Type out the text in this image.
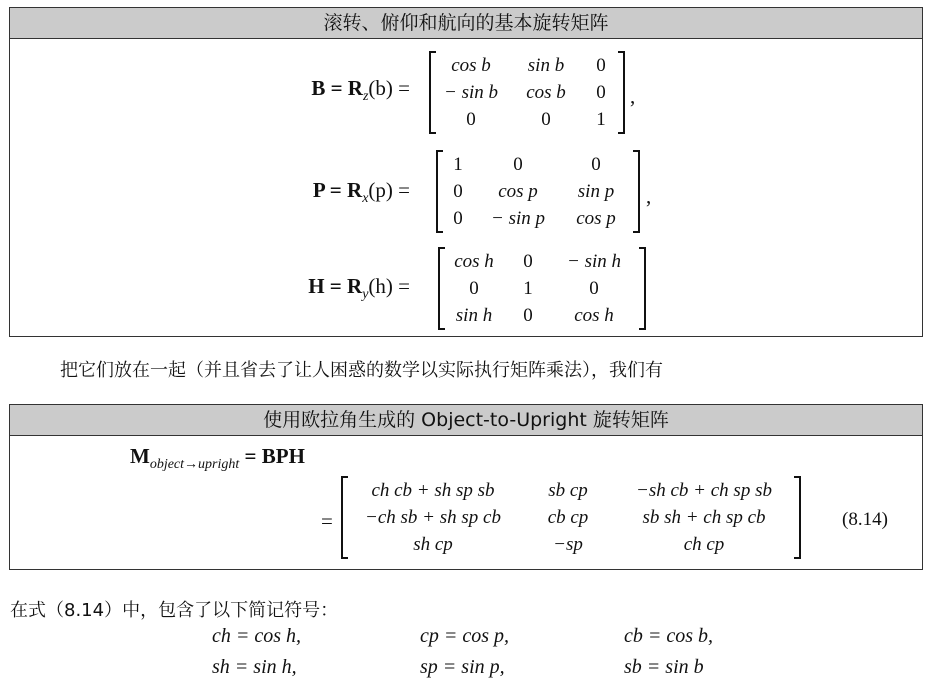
滚转、俯仰和航向的基本旋转矩阵
$B = R_z(b)$ =
cos b	sin b	0
− sin b	cos b	0
0	0	1
,
$P = R_x(p)$ =
1	0	0
0	cos p	sin p
0	− sin p	cos p
,
$H = R_y(h)$ =
cos h	0	− sin h
0	1	0
sin h	0	cos h
把它们放在一起（并且省去了让人困惑的数学以实际执行矩阵乘法），我们有
使用欧拉角生成的 Object-to-Upright 旋转矩阵
$M_{object\to upright}$ = BPH
=
ch cb + sh sp sb	sb cp	−sh cb + ch sp sb
−ch sb + sh sp cb	cb cp	sb sh + ch sp cb
sh cp	−sp	ch cp
(8.14)
在式（8.14）中，包含了以下简记符号：
ch = cos h,	cp = cos p,	cb = cos b,
sh = sin h,	sp = sin p,	sb = sin b
